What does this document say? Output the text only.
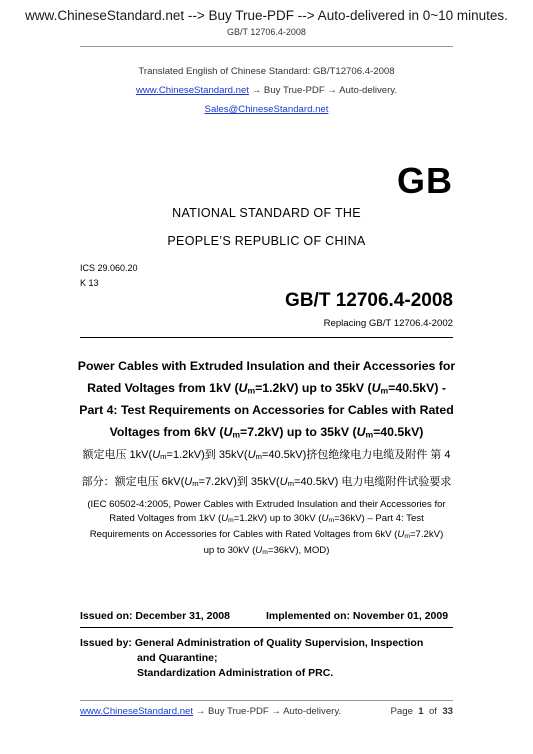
www.ChineseStandard.net --> Buy True-PDF --> Auto-delivered in 0~10 minutes.
GB/T 12706.4-2008
Translated English of Chinese Standard: GB/T12706.4-2008
www.ChineseStandard.net → Buy True-PDF → Auto-delivery.
Sales@ChineseStandard.net
GB
NATIONAL STANDARD OF THE
PEOPLE’S REPUBLIC OF CHINA
ICS 29.060.20
K 13
GB/T 12706.4-2008
Replacing GB/T 12706.4-2002
Power Cables with Extruded Insulation and their Accessories for
Rated Voltages from 1kV $(U_m=1.2kV)$ up to 35kV $(U_m=40.5kV)$ -
Part 4: Test Requirements on Accessories for Cables with Rated
Voltages from 6kV $(U_m=7.2kV)$ up to 35kV $(U_m=40.5kV)$
额定电压 $1kV(U_m=1.2kV)$到 $35kV(U_m=40.5kV)$挤包绝缘电力电缆及附件 第 4
部分：额定电压 $6kV(U_m=7.2kV)$到 $35kV(U_m=40.5kV)$ 电力电缆附件试验要求
(IEC 60502-4:2005, Power Cables with Extruded Insulation and their Accessories for
Rated Voltages from 1kV $(U_m=1.2kV)$ up to 30kV $(U_m=36kV)$ – Part 4: Test
Requirements on Accessories for Cables with Rated Voltages from 6kV $(U_m=7.2kV)$
up to 30kV $(U_m=36kV)$, MOD)
Issued on: December 31, 2008	Implemented on: November 01, 2009
Issued by: General Administration of Quality Supervision, Inspection
and Quarantine;
Standardization Administration of PRC.
www.ChineseStandard.net → Buy True-PDF → Auto-delivery.	Page 1 of 33
